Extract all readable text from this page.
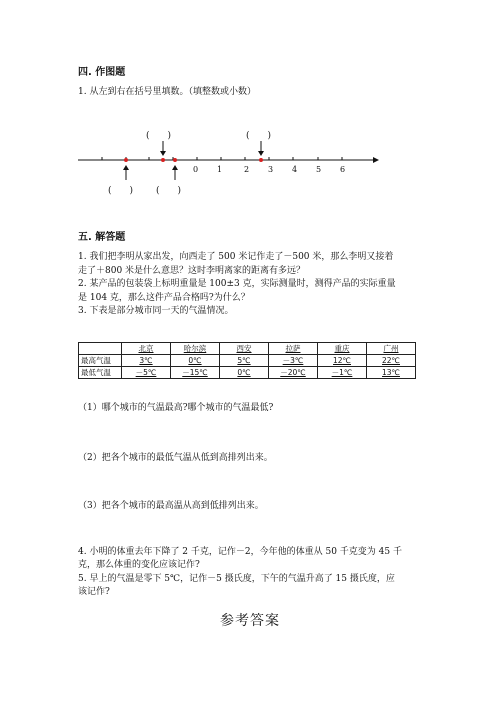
四. 作图题
1. 从左到右在括号里填数。（填整数或小数）
(　　)	(　　)
0 1	2 3 4 5 6
(　　)	(　　)
五. 解答题
1. 我们把李明从家出发，向西走了 500 米记作走了－500 米，那么李明又接着
走了＋800 米是什么意思？这时李明离家的距离有多远？
2. 某产品的包装袋上标明重量是 100±3 克，实际测量时，测得产品的实际重量
是 104 克，那么这件产品合格吗?为什么？
3. 下表是部分城市同一天的气温情况。
	北京	哈尔滨	西安	拉萨	重庆	广州
最高气温	3℃	0℃	5℃	－3℃	12℃	22℃
最低气温	－5℃	－15℃	0℃	－20℃	－1℃	13℃
（1）哪个城市的气温最高?哪个城市的气温最低?
（2）把各个城市的最低气温从低到高排列出来。
（3）把各个城市的最高温从高到低排列出来。
4. 小明的体重去年下降了 2 千克，记作－2，今年他的体重从 50 千克变为 45 千
克，那么体重的变化应该记作?
5. 早上的气温是零下 5℃，记作－5 摄氏度，下午的气温升高了 15 摄氏度，应
该记作?
参考答案
